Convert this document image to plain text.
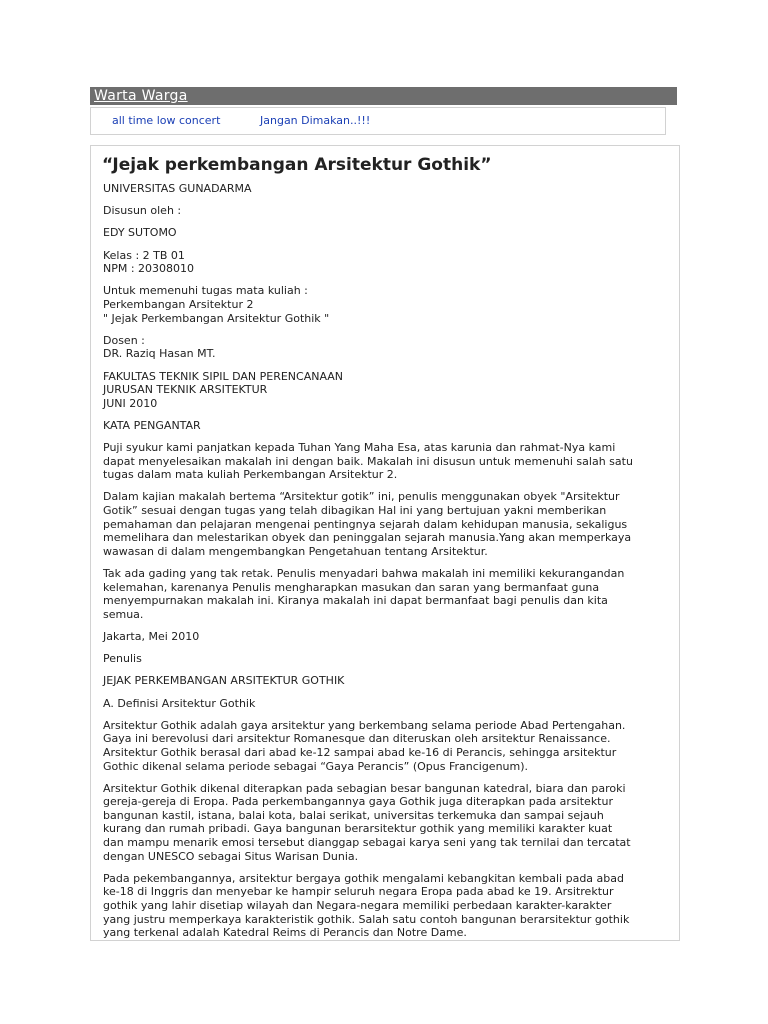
Warta Warga
all time low concert	Jangan Dimakan..!!!
“Jejak perkembangan Arsitektur Gothik”

UNIVERSITAS GUNADARMA

Disusun oleh :

EDY SUTOMO

Kelas : 2 TB 01
NPM : 20308010

Untuk memenuhi tugas mata kuliah :
Perkembangan Arsitektur 2
" Jejak Perkembangan Arsitektur Gothik "

Dosen :
DR. Raziq Hasan MT.

FAKULTAS TEKNIK SIPIL DAN PERENCANAAN
JURUSAN TEKNIK ARSITEKTUR
JUNI 2010

KATA PENGANTAR

Puji syukur kami panjatkan kepada Tuhan Yang Maha Esa, atas karunia dan rahmat-Nya kami
dapat menyelesaikan makalah ini dengan baik. Makalah ini disusun untuk memenuhi salah satu
tugas dalam mata kuliah Perkembangan Arsitektur 2.

Dalam kajian makalah bertema “Arsitektur gotik” ini, penulis menggunakan obyek "Arsitektur
Gotik” sesuai dengan tugas yang telah dibagikan Hal ini yang bertujuan yakni memberikan
pemahaman dan pelajaran mengenai pentingnya sejarah dalam kehidupan manusia, sekaligus
memelihara dan melestarikan obyek dan peninggalan sejarah manusia.Yang akan memperkaya
wawasan di dalam mengembangkan Pengetahuan tentang Arsitektur.

Tak ada gading yang tak retak. Penulis menyadari bahwa makalah ini memiliki kekurangandan
kelemahan, karenanya Penulis mengharapkan masukan dan saran yang bermanfaat guna
menyempurnakan makalah ini. Kiranya makalah ini dapat bermanfaat bagi penulis dan kita
semua.

Jakarta, Mei 2010

Penulis

JEJAK PERKEMBANGAN ARSITEKTUR GOTHIK

A. Definisi Arsitektur Gothik

Arsitektur Gothik adalah gaya arsitektur yang berkembang selama periode Abad Pertengahan.
Gaya ini berevolusi dari arsitektur Romanesque dan diteruskan oleh arsitektur Renaissance.
Arsitektur Gothik berasal dari abad ke-12 sampai abad ke-16 di Perancis, sehingga arsitektur
Gothic dikenal selama periode sebagai “Gaya Perancis” (Opus Francigenum).

Arsitektur Gothik dikenal diterapkan pada sebagian besar bangunan katedral, biara dan paroki
gereja-gereja di Eropa. Pada perkembangannya gaya Gothik juga diterapkan pada arsitektur
bangunan kastil, istana, balai kota, balai serikat, universitas terkemuka dan sampai sejauh
kurang dan rumah pribadi. Gaya bangunan berarsitektur gothik yang memiliki karakter kuat
dan mampu menarik emosi tersebut dianggap sebagai karya seni yang tak ternilai dan tercatat
dengan UNESCO sebagai Situs Warisan Dunia.

Pada pekembangannya, arsitektur bergaya gothik mengalami kebangkitan kembali pada abad
ke-18 di Inggris dan menyebar ke hampir seluruh negara Eropa pada abad ke 19. Arsitrektur
gothik yang lahir disetiap wilayah dan Negara-negara memiliki perbedaan karakter-karakter
yang justru memperkaya karakteristik gothik. Salah satu contoh bangunan berarsitektur gothik
yang terkenal adalah Katedral Reims di Perancis dan Notre Dame.
